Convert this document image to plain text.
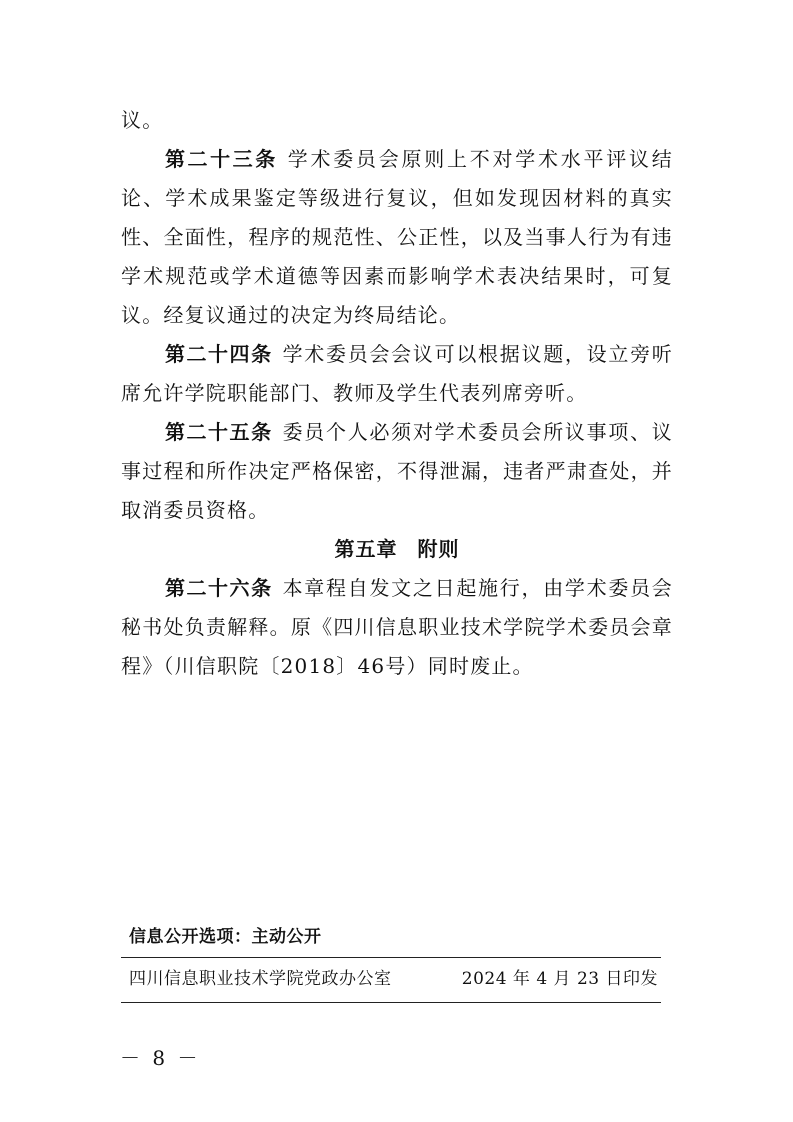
议。

第二十三条 学术委员会原则上不对学术水平评议结论、学术成果鉴定等级进行复议，但如发现因材料的真实性、全面性，程序的规范性、公正性，以及当事人行为有违学术规范或学术道德等因素而影响学术表决结果时，可复议。经复议通过的决定为终局结论。

第二十四条 学术委员会会议可以根据议题，设立旁听席允许学院职能部门、教师及学生代表列席旁听。

第二十五条 委员个人必须对学术委员会所议事项、议事过程和所作决定严格保密，不得泄漏，违者严肃查处，并取消委员资格。

第五章 附则

第二十六条 本章程自发文之日起施行，由学术委员会秘书处负责解释。原《四川信息职业技术学院学术委员会章程》（川信职院〔2018〕46号）同时废止。

信息公开选项：主动公开
四川信息职业技术学院党政办公室	2024 年 4 月 23 日印发
－ 8 －
